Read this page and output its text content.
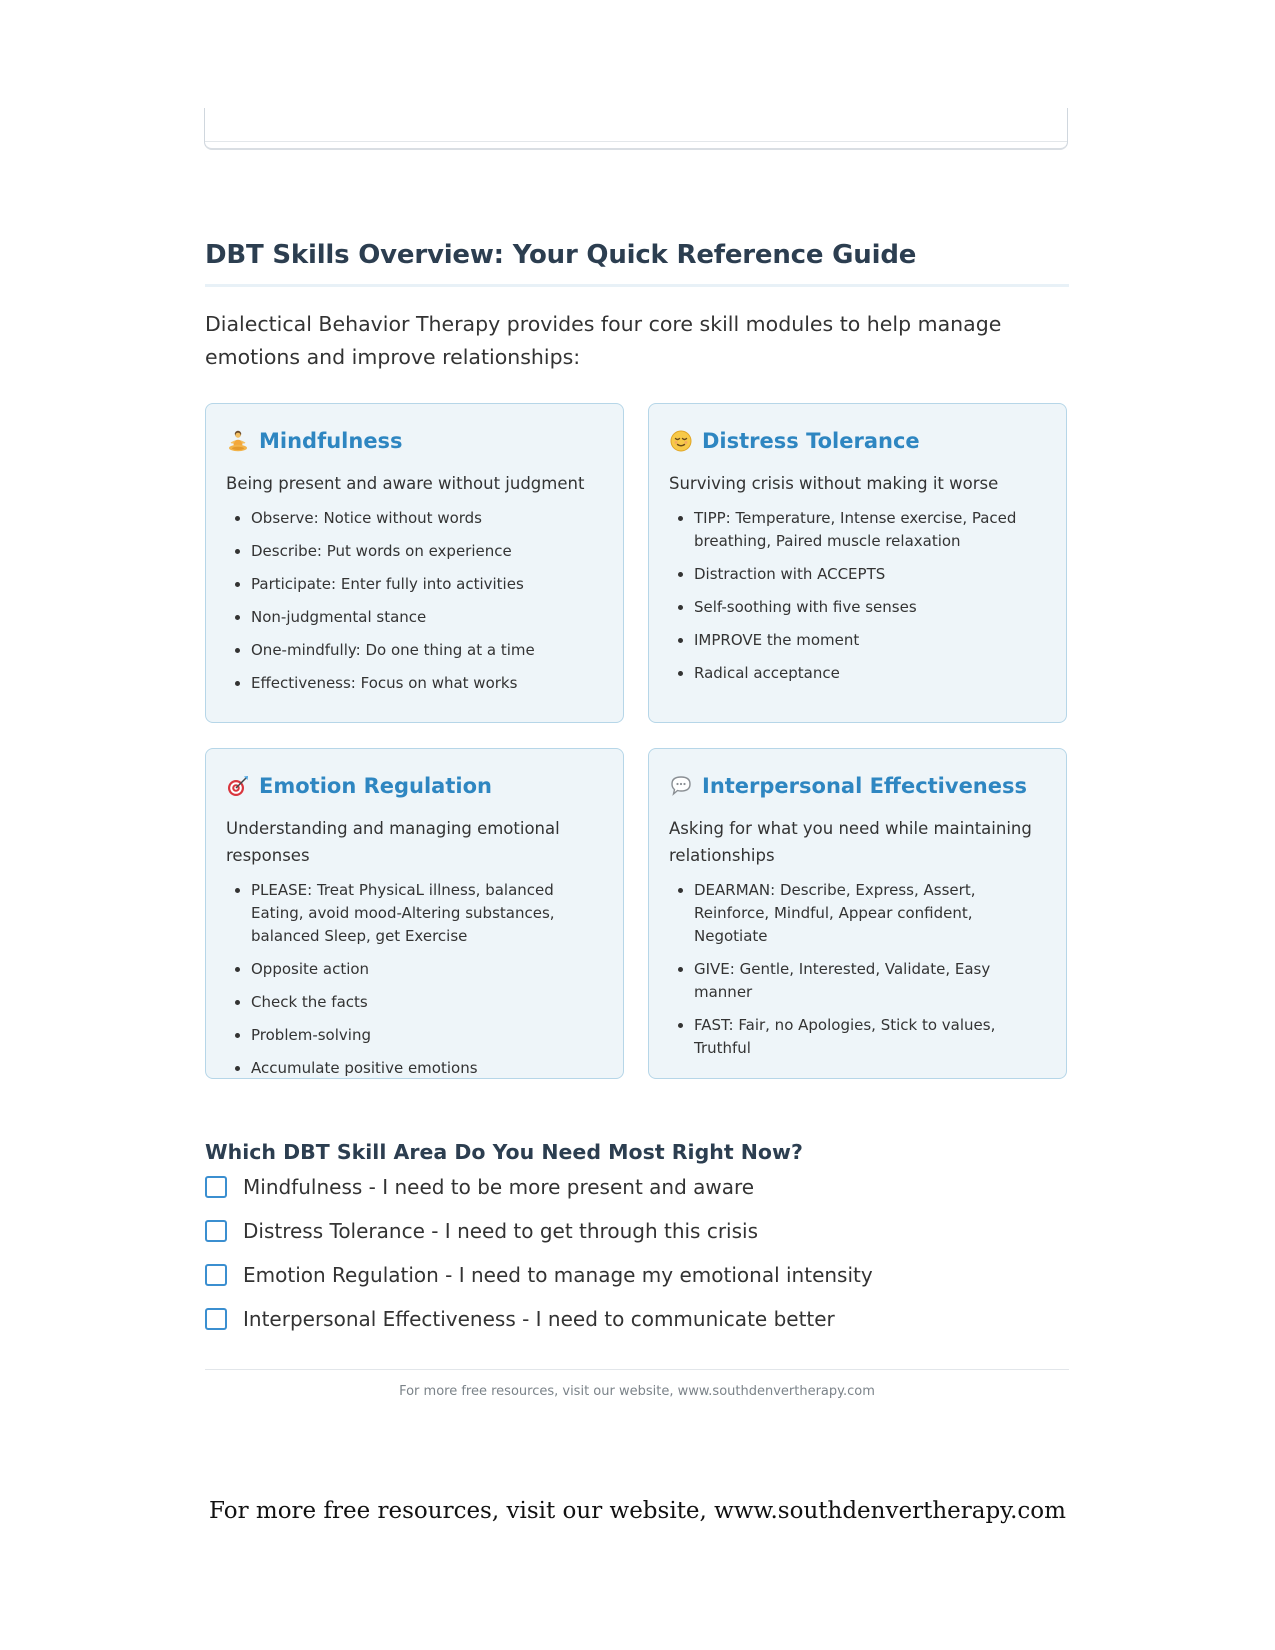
DBT Skills Overview: Your Quick Reference Guide

Dialectical Behavior Therapy provides four core skill modules to help manage emotions and improve relationships:

Mindfulness

Being present and aware without judgment

• Observe: Notice without words
• Describe: Put words on experience
• Participate: Enter fully into activities
• Non-judgmental stance
• One-mindfully: Do one thing at a time
• Effectiveness: Focus on what works
Distress Tolerance

Surviving crisis without making it worse

• TIPP: Temperature, Intense exercise, Paced breathing, Paired muscle relaxation
• Distraction with ACCEPTS
• Self-soothing with five senses
• IMPROVE the moment
• Radical acceptance
Emotion Regulation

Understanding and managing emotional responses

• PLEASE: Treat PhysicaL illness, balanced Eating, avoid mood-Altering substances, balanced Sleep, get Exercise
• Opposite action
• Check the facts
• Problem-solving
• Accumulate positive emotions
Interpersonal Effectiveness

Asking for what you need while maintaining relationships

• DEARMAN: Describe, Express, Assert, Reinforce, Mindful, Appear confident, Negotiate
• GIVE: Gentle, Interested, Validate, Easy manner
• FAST: Fair, no Apologies, Stick to values, Truthful
Which DBT Skill Area Do You Need Most Right Now?
Mindfulness - I need to be more present and aware
Distress Tolerance - I need to get through this crisis
Emotion Regulation - I need to manage my emotional intensity
Interpersonal Effectiveness - I need to communicate better
For more free resources, visit our website, www.southdenvertherapy.com
For more free resources, visit our website, www.southdenvertherapy.com
